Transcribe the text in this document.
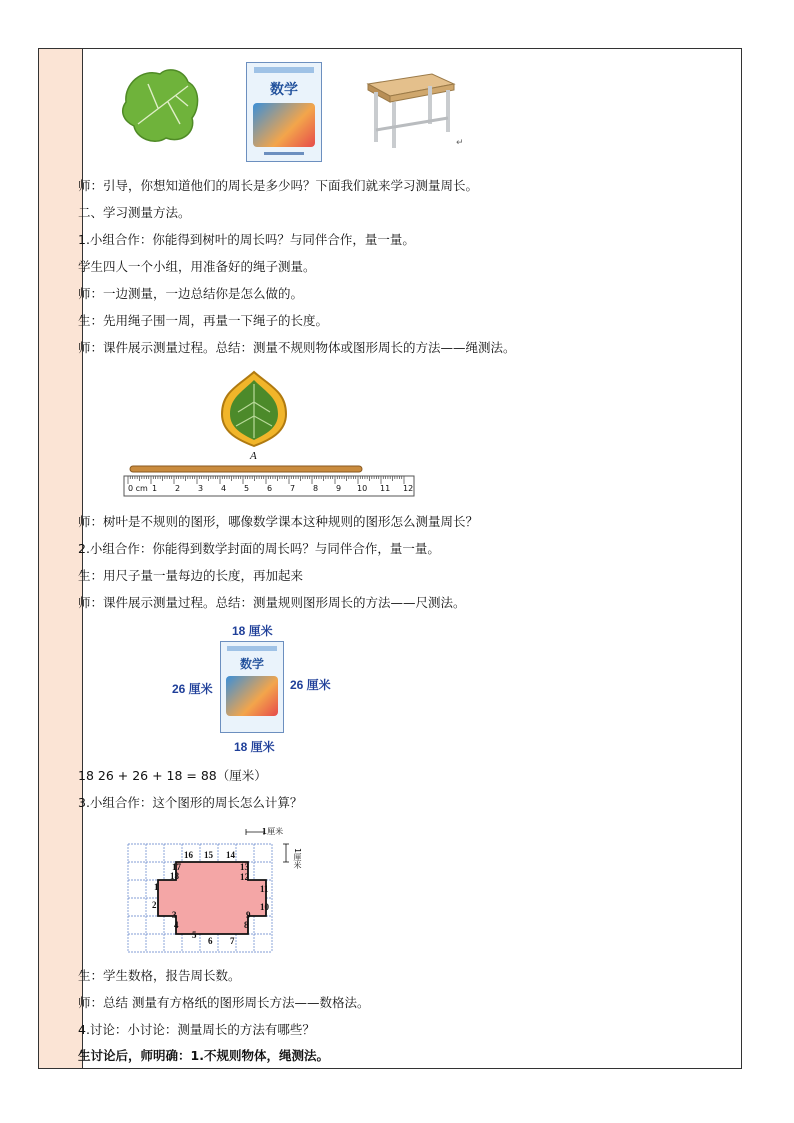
数学
↵
师：引导，你想知道他们的周长是多少吗？下面我们就来学习测量周长。
二、学习测量方法。
1.小组合作：你能得到树叶的周长吗？与同伴合作，量一量。
学生四人一个小组，用准备好的绳子测量。
师：一边测量，一边总结你是怎么做的。
生：先用绳子围一周，再量一下绳子的长度。
师：课件展示测量过程。总结：测量不规则物体或图形周长的方法——绳测法。
A
0 cm 1 2 3 4 5 6 7 8 9 10 11 12
师：树叶是不规则的图形，哪像数学课本这种规则的图形怎么测量周长？
2.小组合作：你能得到数学封面的周长吗？与同伴合作，量一量。
生：用尺子量一量每边的长度，再加起来
师：课件展示测量过程。总结：测量规则图形周长的方法——尺测法。
18 厘米
26 厘米	26 厘米
18 厘米
数学
18 26 + 26 + 18 = 88（厘米）
3.小组合作：这个图形的周长怎么计算？
1厘米
1厘米
1
2
3
4
5
6 7
8
9
10
11
12
13
14
15
16
17
18
生：学生数格，报告周长数。
师：总结 测量有方格纸的图形周长方法——数格法。
4.讨论：小讨论：测量周长的方法有哪些？
生讨论后，师明确：1.不规则物体，绳测法。
